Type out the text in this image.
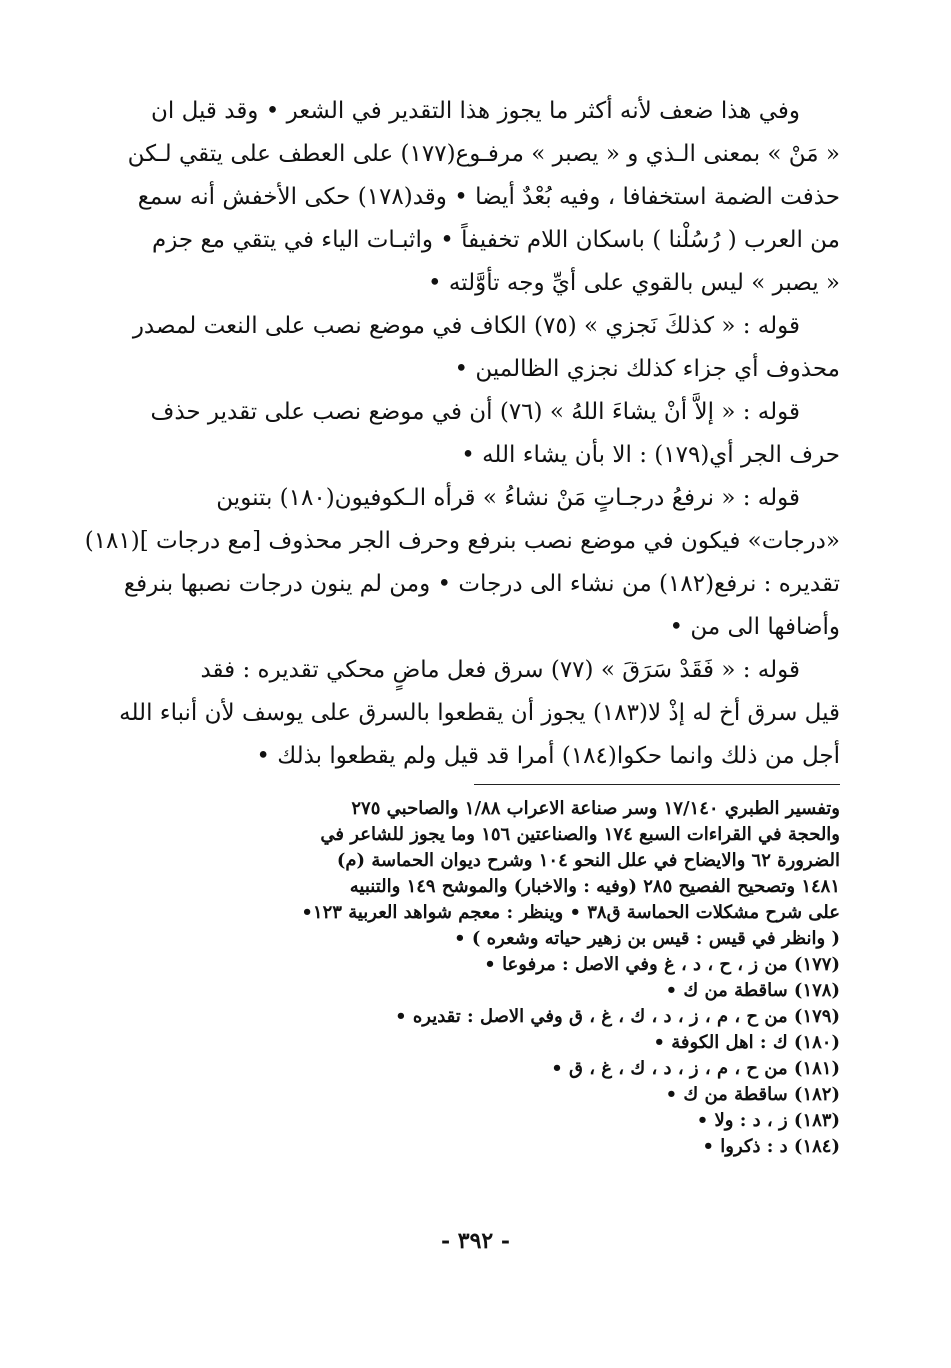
وفي هذا ضعف لأنه أكثر ما يجوز هذا التقدير في الشعر • وقد قيل ان
« مَنْ » بمعنى الـذي و « يصبر » مرفـوع(١٧٧) على العطف على يتقي لـكن
حذفت الضمة استخفافا ، وفيه بُعْدٌ أيضا • وقد(١٧٨) حكى الأخفش أنه سمع
من العرب ( رُسُلْنا ) باسكان اللام تخفيفاً • واثبـات الياء في يتقي مع جزم
« يصبر » ليس بالقوي على أيِّ وجه تأوَّلته •
قوله : « كذلكَ نَجزي » (٧٥) الكاف في موضع نصب على النعت لمصدر
محذوف أي جزاء كذلك نجزي الظالمين •
قوله : « إلاَّ أنْ يشاءَ اللهُ » (٧٦) أن في موضع نصب على تقدير حذف
حرف الجر أي(١٧٩) : الا بأن يشاء الله •
قوله : « نرفعُ درجـاتٍ مَنْ نشاءُ » قرأه الـكوفيون(١٨٠) بتنوين
«درجات» فيكون في موضع نصب بنرفع وحرف الجر محذوف [مع درجات ](١٨١)
تقديره : نرفع(١٨٢) من نشاء الى درجات • ومن لم ينون درجات نصبها بنرفع
وأضافها الى من •
قوله : « فَقَدْ سَرَقَ » (٧٧) سرق فعل ماضٍ محكي تقديره : فقد
قيل سرق أخ له إذْ لا(١٨٣) يجوز أن يقطعوا بالسرق على يوسف لأن أنباء الله
أجل من ذلك وانما حكوا(١٨٤) أمرا قد قيل ولم يقطعوا بذلك •
وتفسير الطبري ١٧/١٤٠ وسر صناعة الاعراب ١/٨٨ والصاحبي ٢٧٥
والحجة في القراءات السبع ١٧٤ والصناعتين ١٥٦ وما يجوز للشاعر في
الضرورة ٦٢ والايضاح في علل النحو ١٠٤ وشرح ديوان الحماسة (م)
١٤٨١ وتصحيح الفصيح ٢٨٥ (وفيه : والاخبار) والموشح ١٤٩ والتنبيه
على شرح مشكلات الحماسة ق٣٨ • وينظر : معجم شواهد العربية ١٢٣•
( وانظر في قيس : قيس بن زهير حياته وشعره ) •
(١٧٧) من ز ، ح ، د ، غ وفي الاصل : مرفوعا •
(١٧٨) ساقطة من ك •
(١٧٩) من ح ، م ، ز ، د ، ك ، غ ، ق وفي الاصل : تقديره •
(١٨٠) ك : اهل الكوفة •
(١٨١) من ح ، م ، ز ، د ، ك ، غ ، ق •
(١٨٢) ساقطة من ك •
(١٨٣) ز ، د : ولا •
(١٨٤) د : ذكروا •
- ٣٩٢ -
